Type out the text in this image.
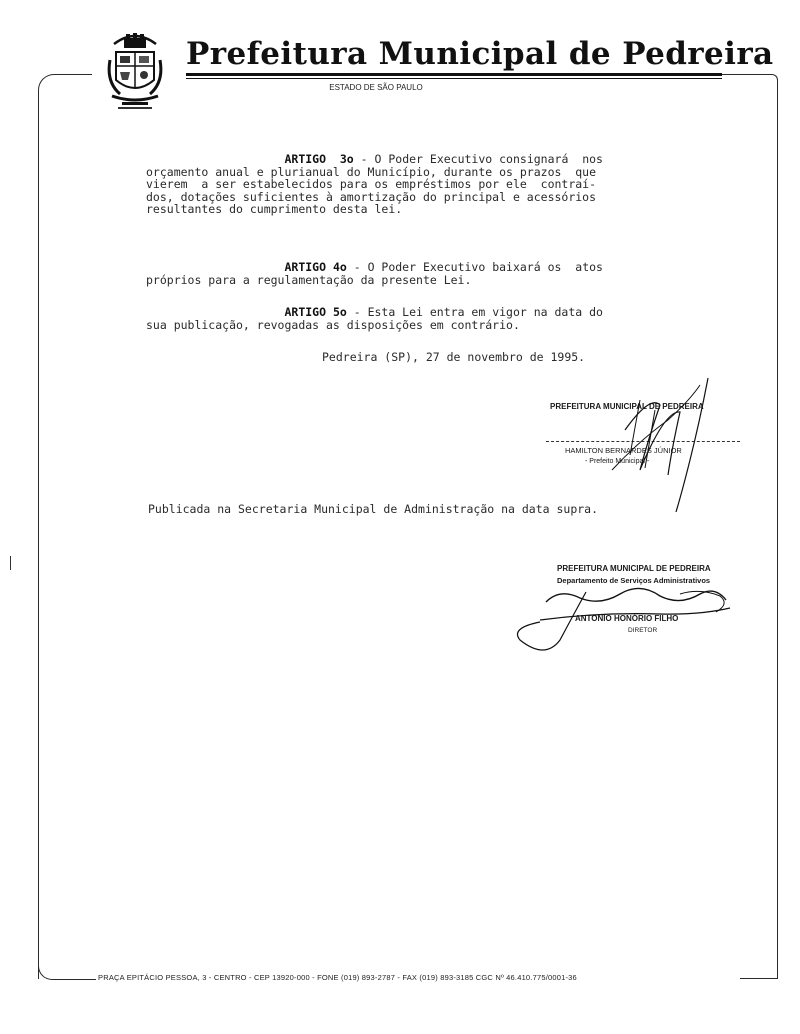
Prefeitura Municipal de Pedreira
ESTADO DE SÃO PAULO
ARTIGO  3o - O Poder Executivo consignará  nos
orçamento anual e plurianual do Município, durante os prazos  que
vierem  a ser estabelecidos para os empréstimos por ele  contraí-
dos, dotações suficientes à amortização do principal e acessórios
resultantes do cumprimento desta lei.
ARTIGO 4o - O Poder Executivo baixará os  atos
próprios para a regulamentação da presente Lei.
ARTIGO 5o - Esta Lei entra em vigor na data do
sua publicação, revogadas as disposições em contrário.
Pedreira (SP), 27 de novembro de 1995.
PREFEITURA MUNICIPAL DE PEDREIRA
HAMILTON BERNARDES JÚNIOR
- Prefeito Municipal -
Publicada na Secretaria Municipal de Administração na data supra.
PREFEITURA MUNICIPAL DE PEDREIRA
Departamento de Serviços Administrativos
ANTONIO HONÓRIO FILHO
DIRETOR
PRAÇA EPITÁCIO PESSOA, 3 - CENTRO - CEP 13920-000 - FONE (019) 893-2787 - FAX (019) 893-3185 CGC Nº 46.410.775/0001-36
